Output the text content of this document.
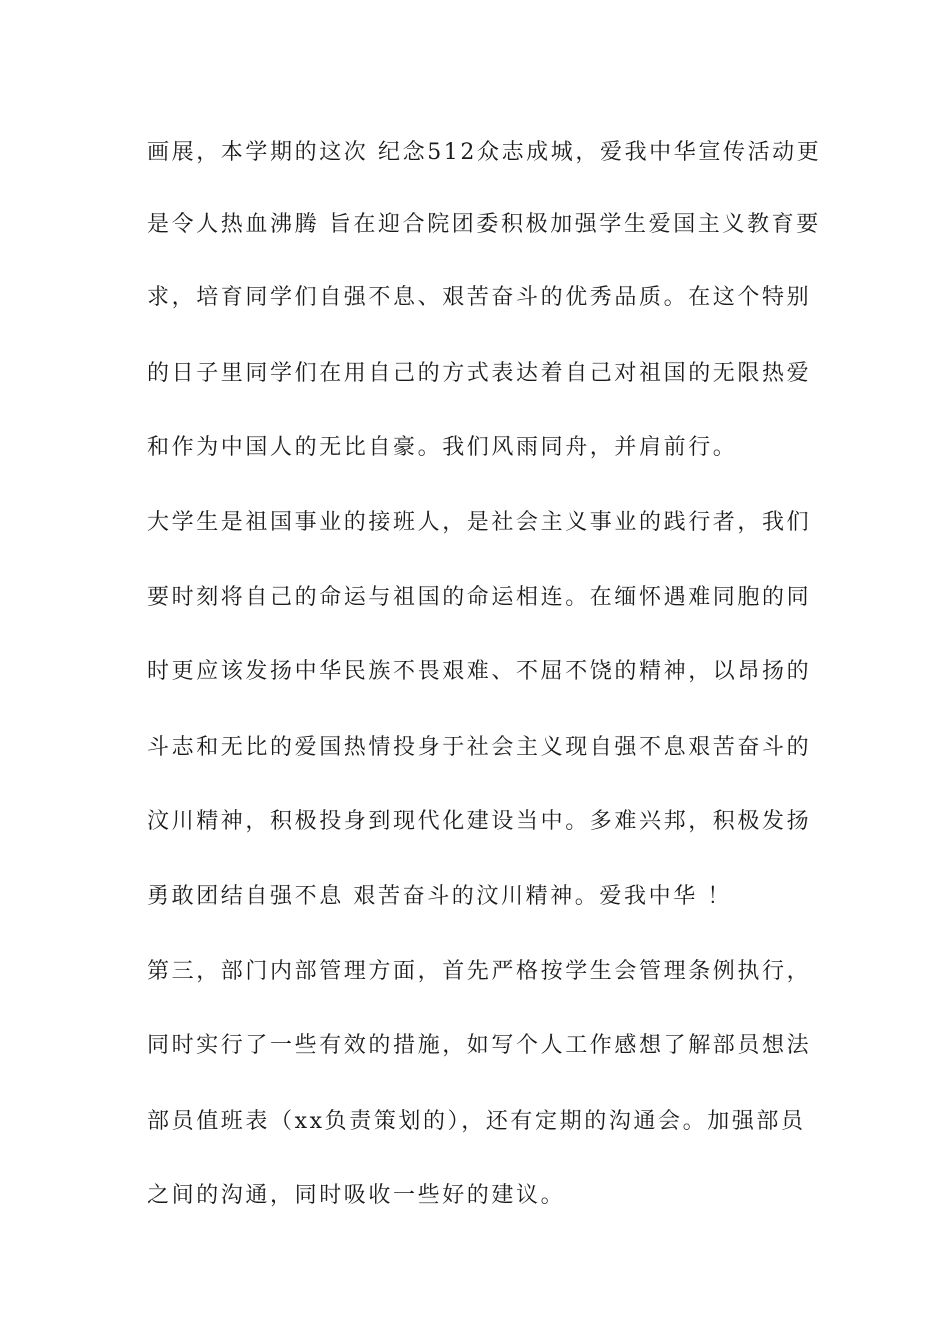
画展，本学期的这次 纪念512众志成城，爱我中华宣传活动更
是令人热血沸腾 旨在迎合院团委积极加强学生爱国主义教育要
求，培育同学们自强不息、艰苦奋斗的优秀品质。在这个特别
的日子里同学们在用自己的方式表达着自己对祖国的无限热爱
和作为中国人的无比自豪。我们风雨同舟，并肩前行。
大学生是祖国事业的接班人，是社会主义事业的践行者，我们
要时刻将自己的命运与祖国的命运相连。在缅怀遇难同胞的同
时更应该发扬中华民族不畏艰难、不屈不饶的精神，以昂扬的
斗志和无比的爱国热情投身于社会主义现自强不息艰苦奋斗的
汶川精神，积极投身到现代化建设当中。多难兴邦，积极发扬
勇敢团结自强不息 艰苦奋斗的汶川精神。爱我中华 ！
第三，部门内部管理方面，首先严格按学生会管理条例执行，
同时实行了一些有效的措施，如写个人工作感想了解部员想法
部员值班表（xx负责策划的），还有定期的沟通会。加强部员
之间的沟通，同时吸收一些好的建议。
